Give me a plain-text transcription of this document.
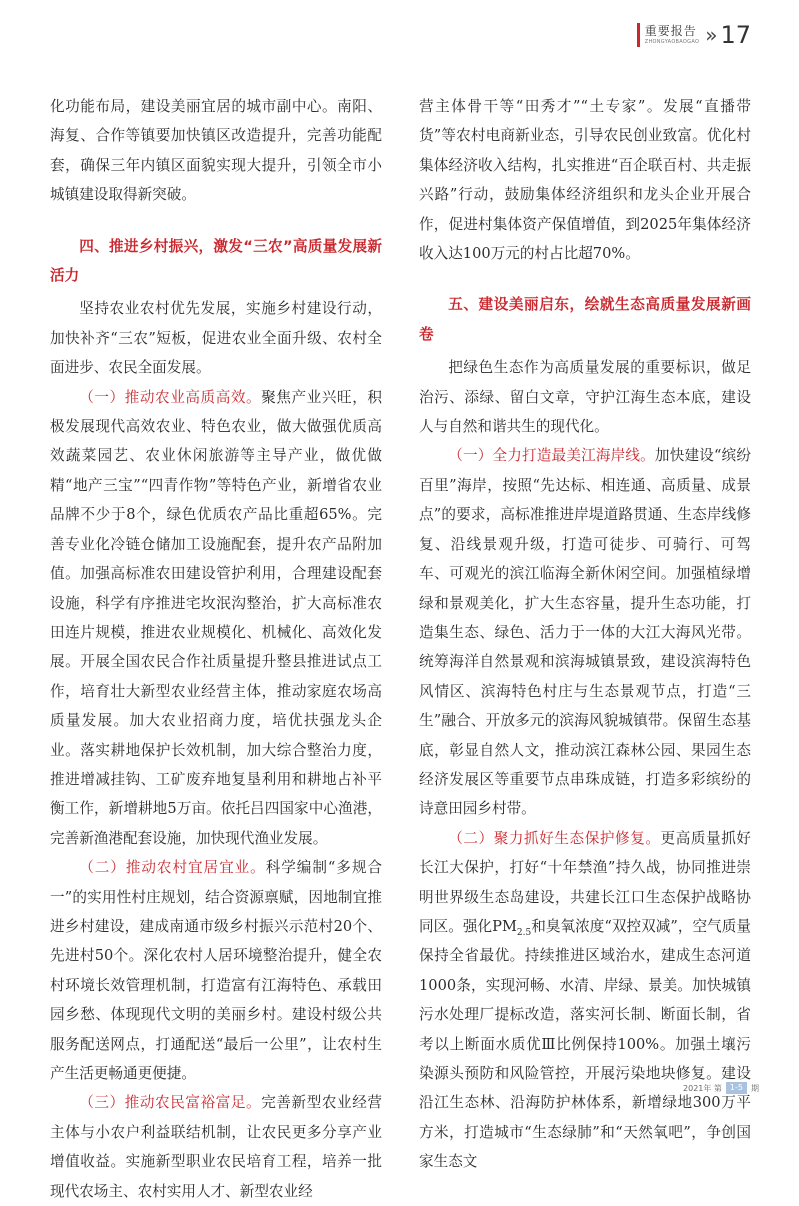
重要报告
ZHONGYAOBAOGAO » 17

化功能布局，建设美丽宜居的城市副中心。南阳、海复、合作等镇要加快镇区改造提升，完善功能配套，确保三年内镇区面貌实现大提升，引领全市小城镇建设取得新突破。

四、推进乡村振兴，激发“三农”高质量发展新活力

坚持农业农村优先发展，实施乡村建设行动，加快补齐“三农”短板，促进农业全面升级、农村全面进步、农民全面发展。

（一）推动农业高质高效。聚焦产业兴旺，积极发展现代高效农业、特色农业，做大做强优质高效蔬菜园艺、农业休闲旅游等主导产业，做优做精“地产三宝”“四青作物”等特色产业，新增省农业品牌不少于8个，绿色优质农产品比重超65%。完善专业化冷链仓储加工设施配套，提升农产品附加值。加强高标准农田建设管护利用，合理建设配套设施，科学有序推进宅坆泯沟整治，扩大高标准农田连片规模，推进农业规模化、机械化、高效化发展。开展全国农民合作社质量提升整县推进试点工作，培育壮大新型农业经营主体，推动家庭农场高质量发展。加大农业招商力度，培优扶强龙头企业。落实耕地保护长效机制，加大综合整治力度，推进增减挂钩、工矿废弃地复垦利用和耕地占补平衡工作，新增耕地5万亩。依托吕四国家中心渔港，完善新渔港配套设施，加快现代渔业发展。

（二）推动农村宜居宜业。科学编制“多规合一”的实用性村庄规划，结合资源禀赋，因地制宜推进乡村建设，建成南通市级乡村振兴示范村20个、先进村50个。深化农村人居环境整治提升，健全农村环境长效管理机制，打造富有江海特色、承载田园乡愁、体现现代文明的美丽乡村。建设村级公共服务配送网点，打通配送“最后一公里”，让农村生产生活更畅通更便捷。

（三）推动农民富裕富足。完善新型农业经营主体与小农户利益联结机制，让农民更多分享产业增值收益。实施新型职业农民培育工程，培养一批现代农场主、农村实用人才、新型农业经

营主体骨干等“田秀才”“土专家”。发展“直播带货”等农村电商新业态，引导农民创业致富。优化村集体经济收入结构，扎实推进“百企联百村、共走振兴路”行动，鼓励集体经济组织和龙头企业开展合作，促进村集体资产保值增值，到2025年集体经济收入达100万元的村占比超70%。

五、建设美丽启东，绘就生态高质量发展新画卷

把绿色生态作为高质量发展的重要标识，做足治污、添绿、留白文章，守护江海生态本底，建设人与自然和谐共生的现代化。

（一）全力打造最美江海岸线。加快建设“缤纷百里”海岸，按照“先达标、相连通、高质量、成景点”的要求，高标准推进岸堤道路贯通、生态岸线修复、沿线景观升级，打造可徒步、可骑行、可驾车、可观光的滨江临海全新休闲空间。加强植绿增绿和景观美化，扩大生态容量，提升生态功能，打造集生态、绿色、活力于一体的大江大海风光带。统筹海洋自然景观和滨海城镇景致，建设滨海特色风情区、滨海特色村庄与生态景观节点，打造“三生”融合、开放多元的滨海风貌城镇带。保留生态基底，彰显自然人文，推动滨江森林公园、果园生态经济发展区等重要节点串珠成链，打造多彩缤纷的诗意田园乡村带。

（二）聚力抓好生态保护修复。更高质量抓好长江大保护，打好“十年禁渔”持久战，协同推进崇明世界级生态岛建设，共建长江口生态保护战略协同区。强化$PM_{2.5}$和臭氧浓度“双控双减”，空气质量保持全省最优。持续推进区域治水，建成生态河道1000条，实现河畅、水清、岸绿、景美。加快城镇污水处理厂提标改造，落实河长制、断面长制，省考以上断面水质优Ⅲ比例保持100%。加强土壤污染源头预防和风险管控，开展污染地块修复。建设沿江生态林、沿海防护林体系，新增绿地300万平方米，打造城市“生态绿肺”和“天然氧吧”，争创国家生态文

2021年 第	1-5	期
